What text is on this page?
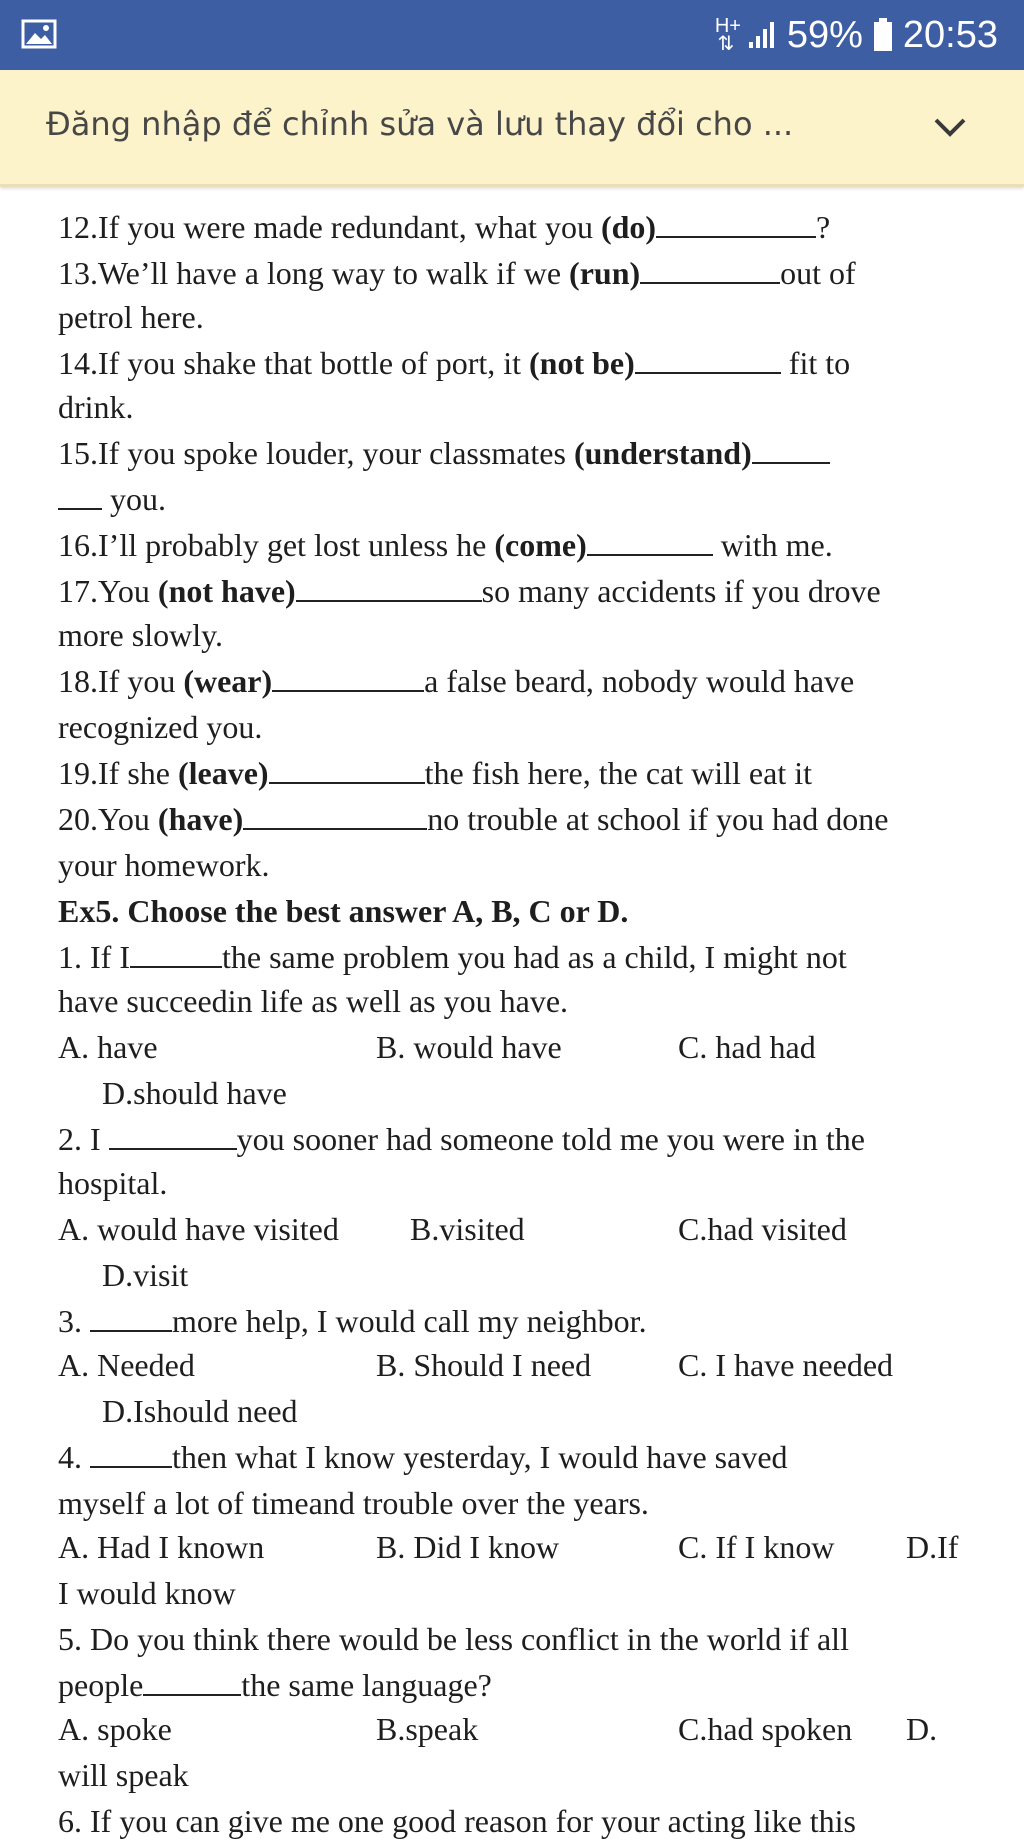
H+
⇅ 59% 20:53
Đăng nhập để chỉnh sửa và lưu thay đổi cho ...
12.If you were made redundant, what you (do)	?
13.We’ll have a long way to walk if we (run)	out of
petrol here.
14.If you shake that bottle of port, it (not be)	fit to
drink.
15.If you spoke louder, your classmates (understand)
you.
16.I’ll probably get lost unless he (come)	with me.
17.You (not have)	so many accidents if you drove
more slowly.
18.If you (wear)	a false beard, nobody would have
recognized you.
19.If she (leave)	the fish here, the cat will eat it
20.You (have)	no trouble at school if you had done
your homework.
Ex5. Choose the best answer A, B, C or D.
1. If I	the same problem you had as a child, I might not
have succeedin life as well as you have.
A. have	B. would have	C. had had
D.should have
2. I	you sooner had someone told me you were in the
hospital.
A. would have visited B.visited	C.had visited
D.visit
3.	more help, I would call my neighbor.
A. Needed	B. Should I need	C. I have needed
D.Ishould need
4.	then what I know yesterday, I would have saved
myself a lot of timeand trouble over the years.
A. Had I known	B. Did I know	C. If I know D.If
I would know
5. Do you think there would be less conflict in the world if all
people	the same language?
A. spoke	B.speak	C.had spoken D.
will speak
6. If you can give me one good reason for your acting like this
